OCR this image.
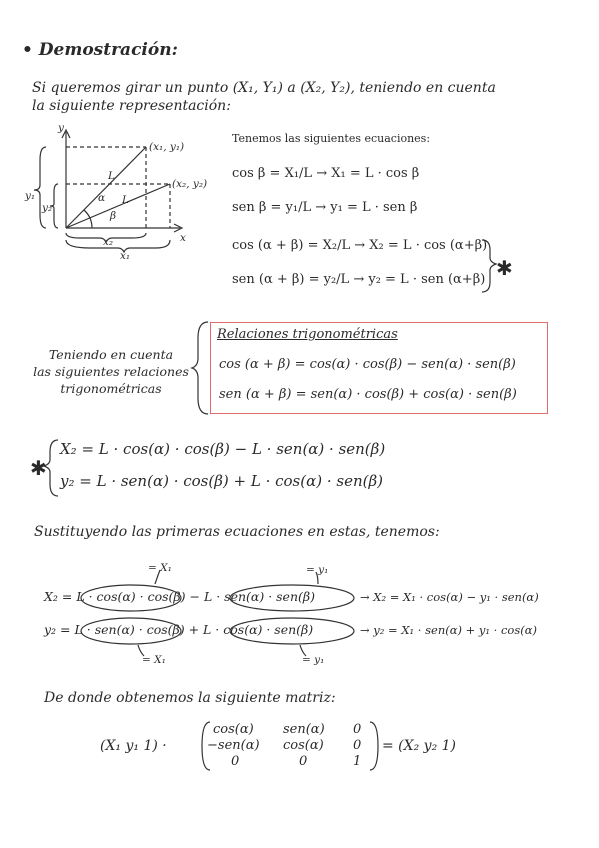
• Demostración:
Si queremos girar un punto (X₁, Y₁) a (X₂, Y₂), teniendo en cuenta
la siguiente representación:
y
x
(x₁, y₁)
(x₂, y₂)
L
L
α
β
x₂
x₁
y₁
y₂
Tenemos las siguientes ecuaciones:
cos β = X₁/L → X₁ = L · cos β
sen β = y₁/L → y₁ = L · sen β
cos (α + β) = X₂/L → X₂ = L · cos (α+β)
sen (α + β) = y₂/L → y₂ = L · sen (α+β) ✱
Teniendo en cuenta
las siguientes relaciones
trigonométricas
Relaciones trigonométricas
cos (α + β) = cos(α) · cos(β) − sen(α) · sen(β)
sen (α + β) = sen(α) · cos(β) + cos(α) · sen(β)
✱
X₂ = L · cos(α) · cos(β) − L · sen(α) · sen(β)
y₂ = L · sen(α) · cos(β) + L · cos(α) · sen(β)
Sustituyendo las primeras ecuaciones en estas, tenemos:
= X₁	= y₁
X₂ = L · cos(α) · cos(β) − L · sen(α) · sen(β)	→ X₂ = X₁ · cos(α) − y₁ · sen(α)
y₂ = L · sen(α) · cos(β) + L · cos(α) · sen(β)	→ y₂ = X₁ · sen(α) + y₁ · cos(α)
= X₁	= y₁
De donde obtenemos la siguiente matriz:
(X₁ y₁ 1) ·
cos(α) sen(α) 0
−sen(α) cos(α) 0
0	0	1
= (X₂ y₂ 1)
